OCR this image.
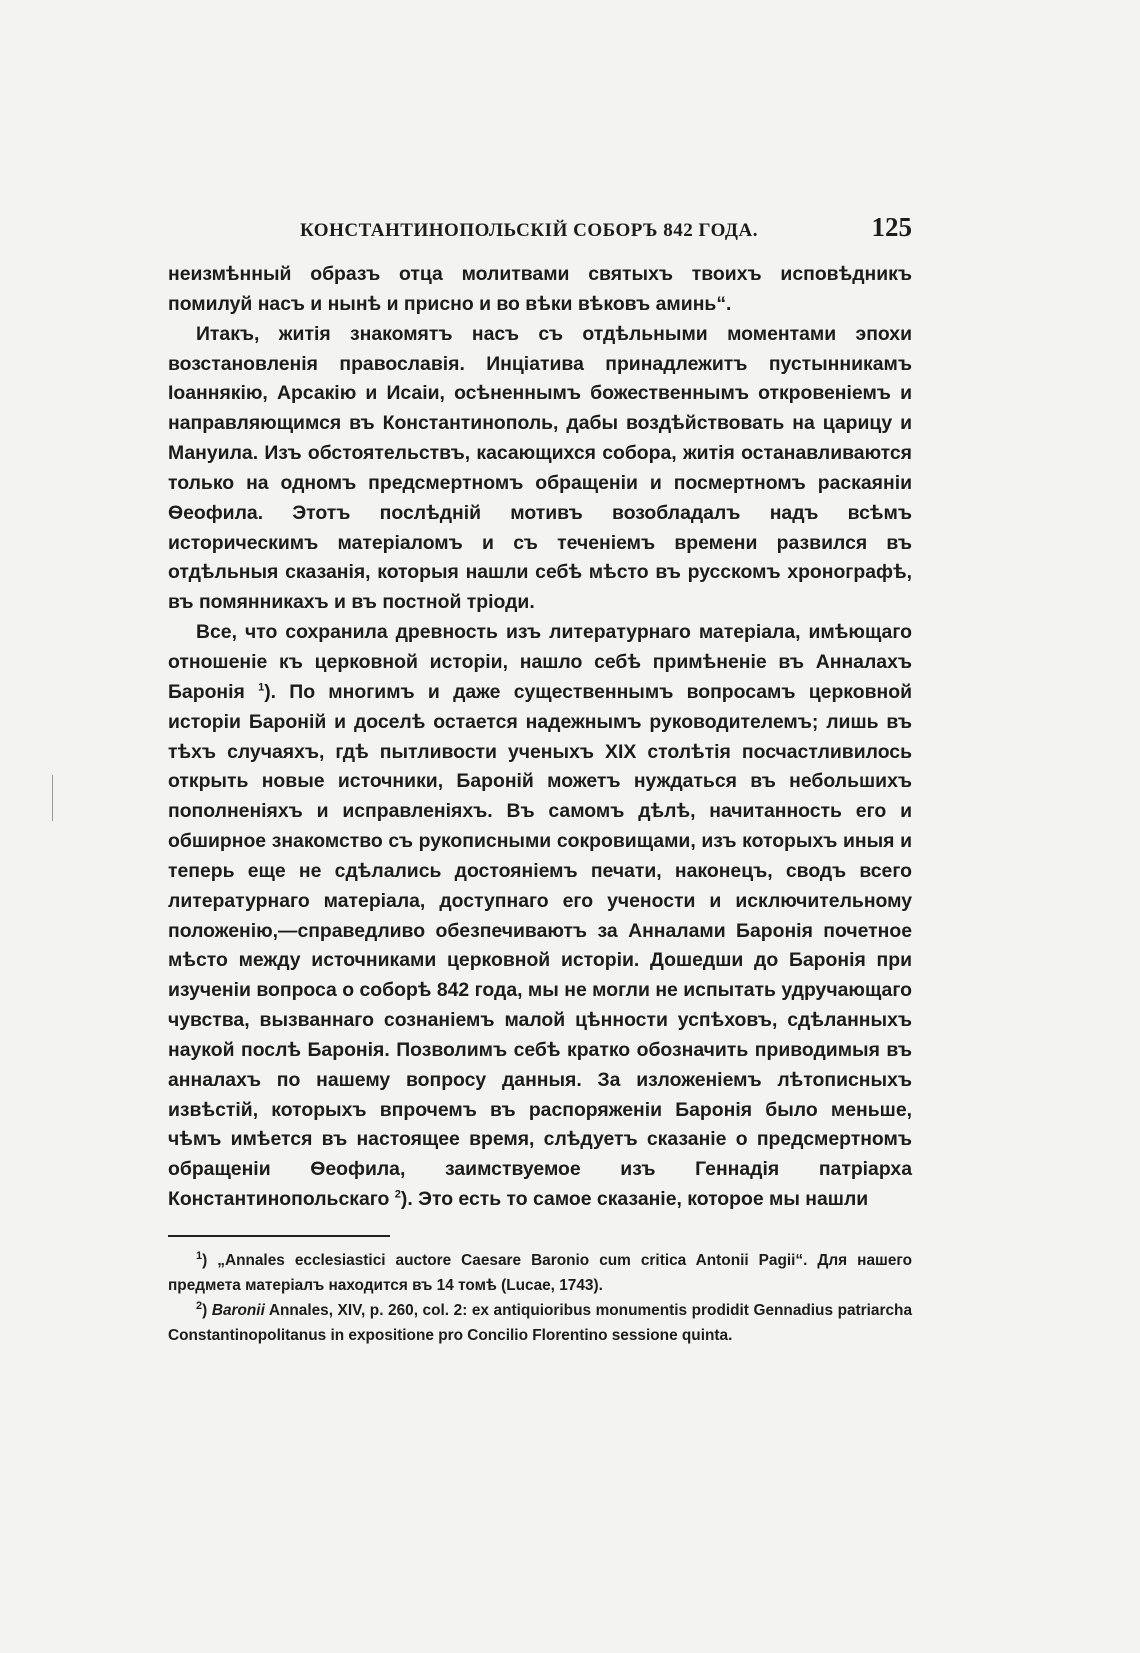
КОНСТАНТИНОПОЛЬСКІЙ СОБОРЪ 842 ГОДА.	125

неизмѣнный образъ отца молитвами святыхъ твоихъ исповѣдникъ помилуй насъ и нынѣ и присно и во вѣки вѣковъ аминь“.

Итакъ, житія знакомятъ насъ съ отдѣльными моментами эпохи возстановленія православія. Инціатива принадлежитъ пустынникамъ Іоаннякію, Арсакію и Исаіи, осѣненнымъ божественнымъ откровеніемъ и направляющимся въ Константинополь, дабы воздѣйствовать на царицу и Мануила. Изъ обстоятельствъ, касающихся собора, житія останавливаются только на одномъ предсмертномъ обращеніи и посмертномъ раскаяніи Ѳеофила. Этотъ послѣдній мотивъ возобладалъ надъ всѣмъ историческимъ матеріаломъ и съ теченіемъ времени развился въ отдѣльныя сказанія, которыя нашли себѣ мѣсто въ русскомъ хронографѣ, въ помянникахъ и въ постной тріоди.

Все, что сохранила древность изъ литературнаго матеріала, имѣющаго отношеніе къ церковной исторіи, нашло себѣ примѣненіе въ Анналахъ Баронія $^1$). По многимъ и даже существеннымъ вопросамъ церковной исторіи Бароній и доселѣ остается надежнымъ руководителемъ; лишь въ тѣхъ случаяхъ, гдѣ пытливости ученыхъ XIX столѣтія посчастливилось открыть новые источники, Бароній можетъ нуждаться въ небольшихъ пополненіяхъ и исправленіяхъ. Въ самомъ дѣлѣ, начитанность его и обширное знакомство съ рукописными сокровищами, изъ которыхъ иныя и теперь еще не сдѣлались достояніемъ печати, наконецъ, сводъ всего литературнаго матеріала, доступнаго его учености и исключительному положенію,—справедливо обезпечиваютъ за Анналами Баронія почетное мѣсто между источниками церковной исторіи. Дошедши до Баронія при изученіи вопроса о соборѣ 842 года, мы не могли не испытать удручающаго чувства, вызваннаго сознаніемъ малой цѣнности успѣховъ, сдѣланныхъ наукой послѣ Баронія. Позволимъ себѣ кратко обозначить приводимыя въ анналахъ по нашему вопросу данныя. За изложеніемъ лѣтописныхъ извѣстій, которыхъ впрочемъ въ распоряженіи Баронія было меньше, чѣмъ имѣется въ настоящее время, слѣдуетъ сказаніе о предсмертномъ обращеніи Ѳеофила, заимствуемое изъ Геннадія патріарха Константинопольскаго $^2$). Это есть то самое сказаніе, которое мы нашли

$^1$) „Annales ecclesiastici auctore Caesare Baronio cum critica Antonii Pagii“. Для нашего предмета матеріалъ находится въ 14 томѣ (Lucae, 1743).

$^2$) Baronii Annales, XIV, p. 260, col. 2: ex antiquioribus monumentis prodidit Gennadius patriarcha Constantinopolitanus in expositione pro Concilio Florentino sessione quinta.
